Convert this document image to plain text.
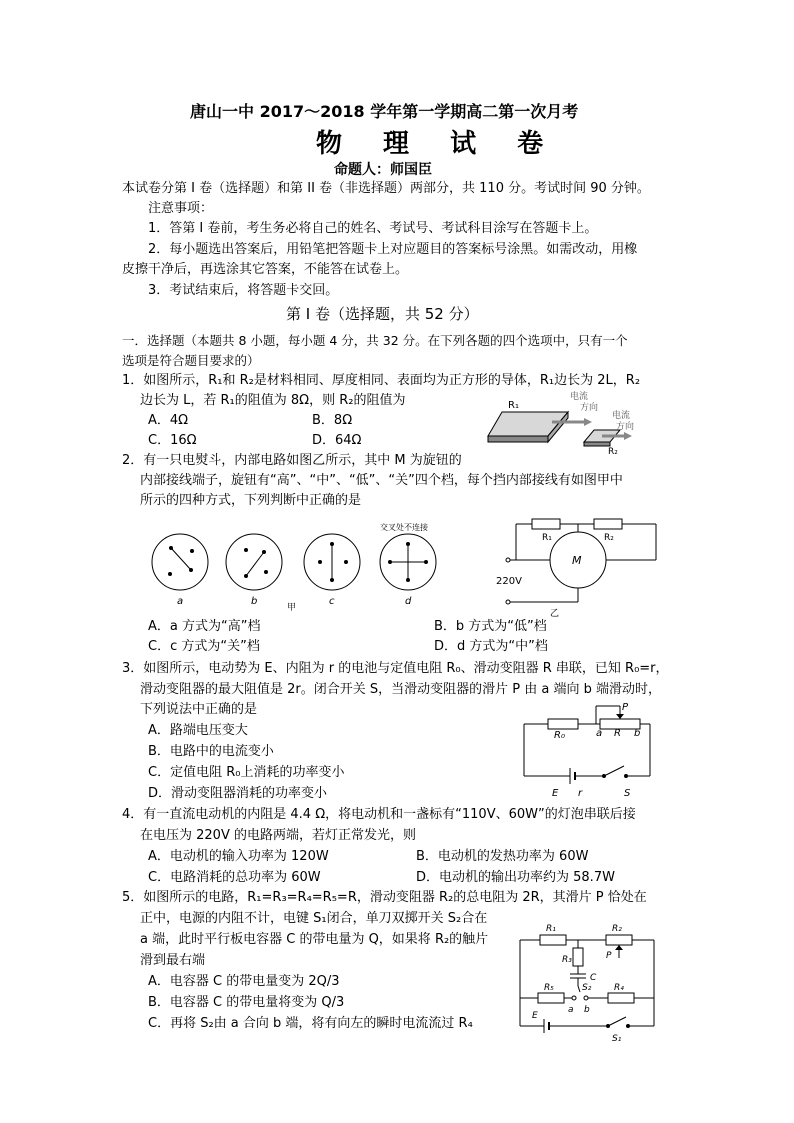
唐山一中 2017～2018 学年第一学期高二第一次月考
物 理 试 卷
命题人：师国臣
本试卷分第 I 卷（选择题）和第 II 卷（非选择题）两部分，共 110 分。考试时间 90 分钟。
注意事项：
1．答第 I 卷前，考生务必将自己的姓名、考试号、考试科目涂写在答题卡上。
2．每小题选出答案后，用铅笔把答题卡上对应题目的答案标号涂黑。如需改动，用橡
皮擦干净后，再选涂其它答案，不能答在试卷上。
3．考试结束后，将答题卡交回。
第 I 卷（选择题，共 52 分）
一．选择题（本题共 8 小题，每小题 4 分，共 32 分。在下列各题的四个选项中，只有一个
选项是符合题目要求的）
1．如图所示，R₁和 R₂是材料相同、厚度相同、表面均为正方形的导体，R₁边长为 2L，R₂
边长为 L，若 R₁的阻值为 8Ω，则 R₂的阻值为
A．4Ω	B．8Ω
C．16Ω	D．64Ω
R₁
电流
方向
R₂
电流
方向
2．有一只电熨斗，内部电路如图乙所示，其中 M 为旋钮的
内部接线端子，旋钮有“高”、“中”、“低”、“关”四个档，每个挡内部接线有如图甲中
所示的四种方式，下列判断中正确的是
交叉处不连接
a	b	c	d
甲
R₁	R₂
M
220V
乙
A．a 方式为“高”档	B．b 方式为“低”档
C．c 方式为“关”档	D．d 方式为“中”档
3．如图所示，电动势为 E、内阻为 r 的电池与定值电阻 R₀、滑动变阻器 R 串联，已知 R₀=r，
滑动变阻器的最大阻值是 2r。闭合开关 S，当滑动变阻器的滑片 P 由 a 端向 b 端滑动时，
下列说法中正确的是
A．路端电压变大
B．电路中的电流变小
C．定值电阻 R₀上消耗的功率变小
D．滑动变阻器消耗的功率变小
P
R₀	a R b
E r	S
4．有一直流电动机的内阻是 4.4 Ω，将电动机和一盏标有“110V、60W”的灯泡串联后接
在电压为 220V 的电路两端，若灯正常发光，则
A．电动机的输入功率为 120W	B．电动机的发热功率为 60W
C．电路消耗的总功率为 60W	D．电动机的输出功率约为 58.7W
5．如图所示的电路，R₁=R₃=R₄=R₅=R，滑动变阻器 R₂的总电阻为 2R，其滑片 P 恰处在
正中，电源的内阻不计，电键 S₁闭合，单刀双掷开关 S₂合在
a 端，此时平行板电容器 C 的带电量为 Q，如果将 R₂的触片
滑到最右端
A．电容器 C 的带电量变为 2Q/3
B．电容器 C 的带电量将变为 Q/3
C．再将 S₂由 a 合向 b 端，将有向左的瞬时电流流过 R₄
R₁	R₂
P
R₃
C
S₂
R₅	R₄
a b
E
S₁
